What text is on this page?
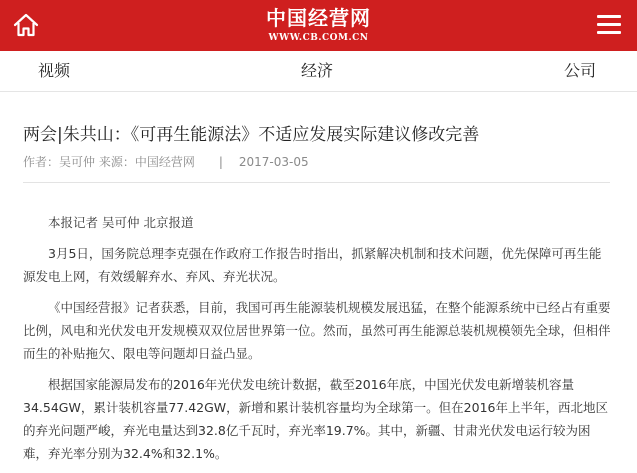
中国经营网
WWW.CB.COM.CN
视频	经济	公司
两会|朱共山：《可再生能源法》不适应发展实际建议修改完善
作者：吴可仲 来源：中国经营网 | 2017-03-05

本报记者 吴可仲 北京报道

3月5日，国务院总理李克强在作政府工作报告时指出，抓紧解决机制和技术问题，优先保障可再生能源发电上网，有效缓解弃水、弃风、弃光状况。

《中国经营报》记者获悉，目前，我国可再生能源装机规模发展迅猛，在整个能源系统中已经占有重要比例，风电和光伏发电开发规模双双位居世界第一位。然而，虽然可再生能源总装机规模领先全球，但相伴而生的补贴拖欠、限电等问题却日益凸显。

根据国家能源局发布的2016年光伏发电统计数据，截至2016年底，中国光伏发电新增装机容量34.54GW，累计装机容量77.42GW，新增和累计装机容量均为全球第一。但在2016年上半年，西北地区的弃光问题严峻，弃光电量达到32.8亿千瓦时，弃光率19.7%。其中，新疆、甘肃光伏发电运行较为困难，弃光率分别为32.4%和32.1%。
